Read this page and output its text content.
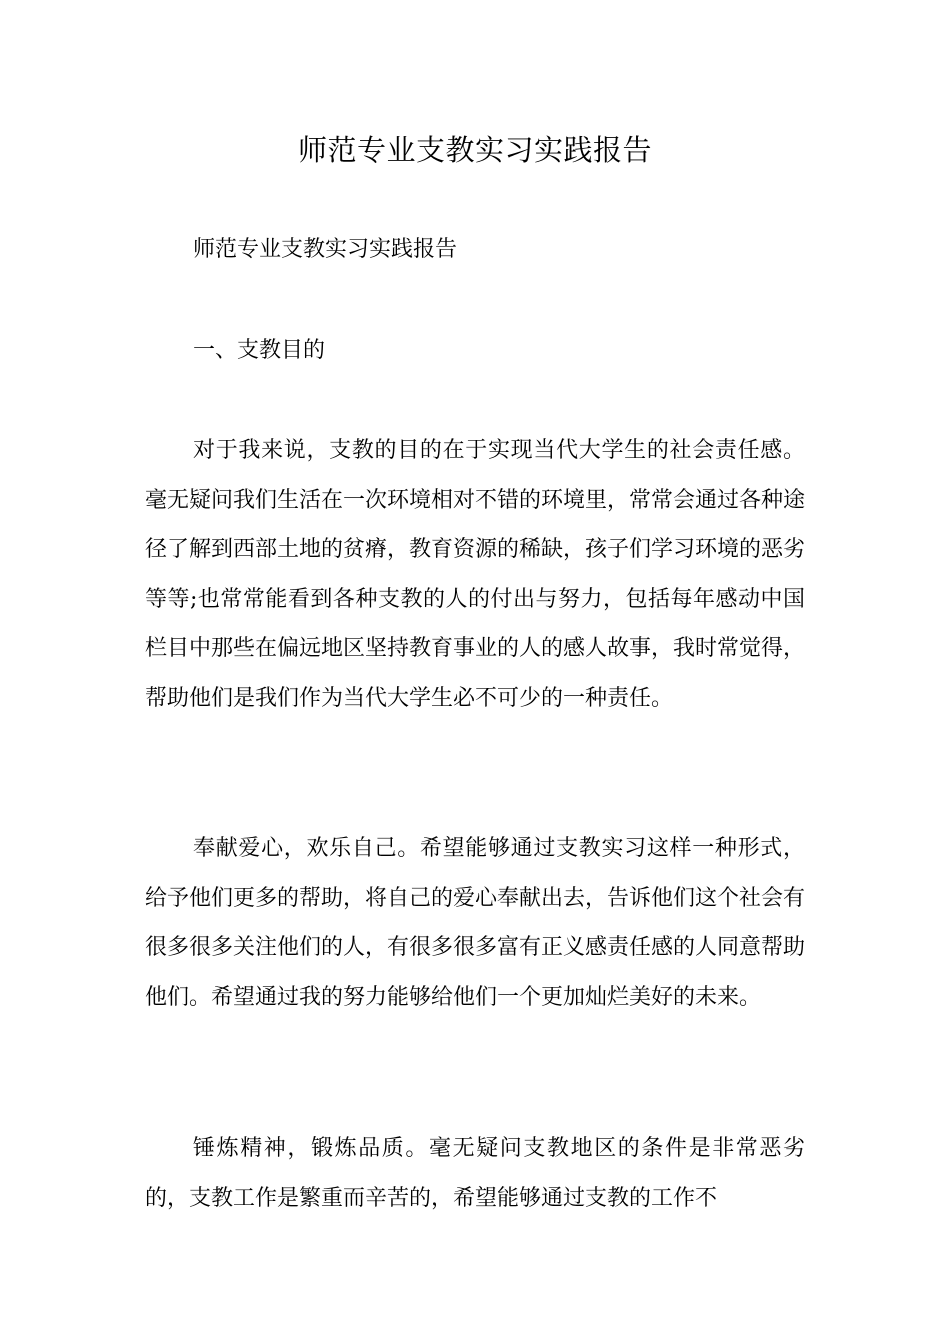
师范专业支教实习实践报告

师范专业支教实习实践报告

一、支教目的

对于我来说，支教的目的在于实现当代大学生的社会责任感。毫无疑问我们生活在一次环境相对不错的环境里，常常会通过各种途径了解到西部土地的贫瘠，教育资源的稀缺，孩子们学习环境的恶劣等等;也常常能看到各种支教的人的付出与努力，包括每年感动中国栏目中那些在偏远地区坚持教育事业的人的感人故事，我时常觉得，帮助他们是我们作为当代大学生必不可少的一种责任。

奉献爱心，欢乐自己。希望能够通过支教实习这样一种形式，给予他们更多的帮助，将自己的爱心奉献出去，告诉他们这个社会有很多很多关注他们的人，有很多很多富有正义感责任感的人同意帮助他们。希望通过我的努力能够给他们一个更加灿烂美好的未来。

锤炼精神，锻炼品质。毫无疑问支教地区的条件是非常恶劣的，支教工作是繁重而辛苦的，希望能够通过支教的工作不
